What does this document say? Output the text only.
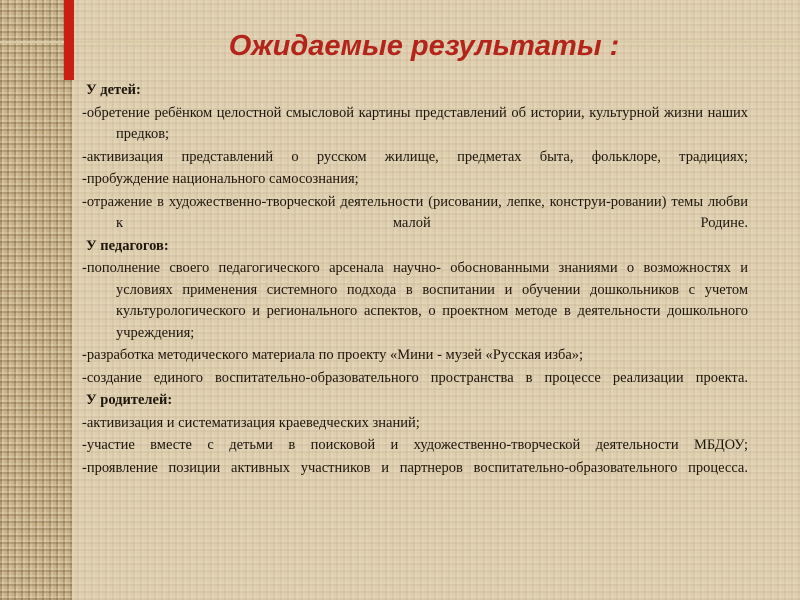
Ожидаемые результаты :

У детей:

-обретение ребёнком целостной смысловой картины представлений об истории, культурной жизни наших предков;

-активизация представлений о русском жилище, предметах быта, фольклоре, традициях;

-пробуждение национального самосознания;

-отражение в художественно-творческой деятельности (рисовании, лепке, конструи-ровании) темы любви к малой Родине.

У педагогов:

-пополнение своего педагогического арсенала научно- обоснованными знаниями о возможностях и условиях применения системного подхода в воспитании и обучении дошкольников с учетом культурологического и регионального аспектов, о проектном методе в деятельности дошкольного учреждения;

-разработка методического материала по проекту «Мини - музей «Русская изба»;

-создание единого воспитательно-образовательного пространства в процессе реализации проекта.

У родителей:

-активизация и систематизация краеведческих знаний;

-участие вместе с детьми в поисковой и художественно-творческой деятельности МБДОУ;

-проявление позиции активных участников и партнеров воспитательно-образовательного процесса.
